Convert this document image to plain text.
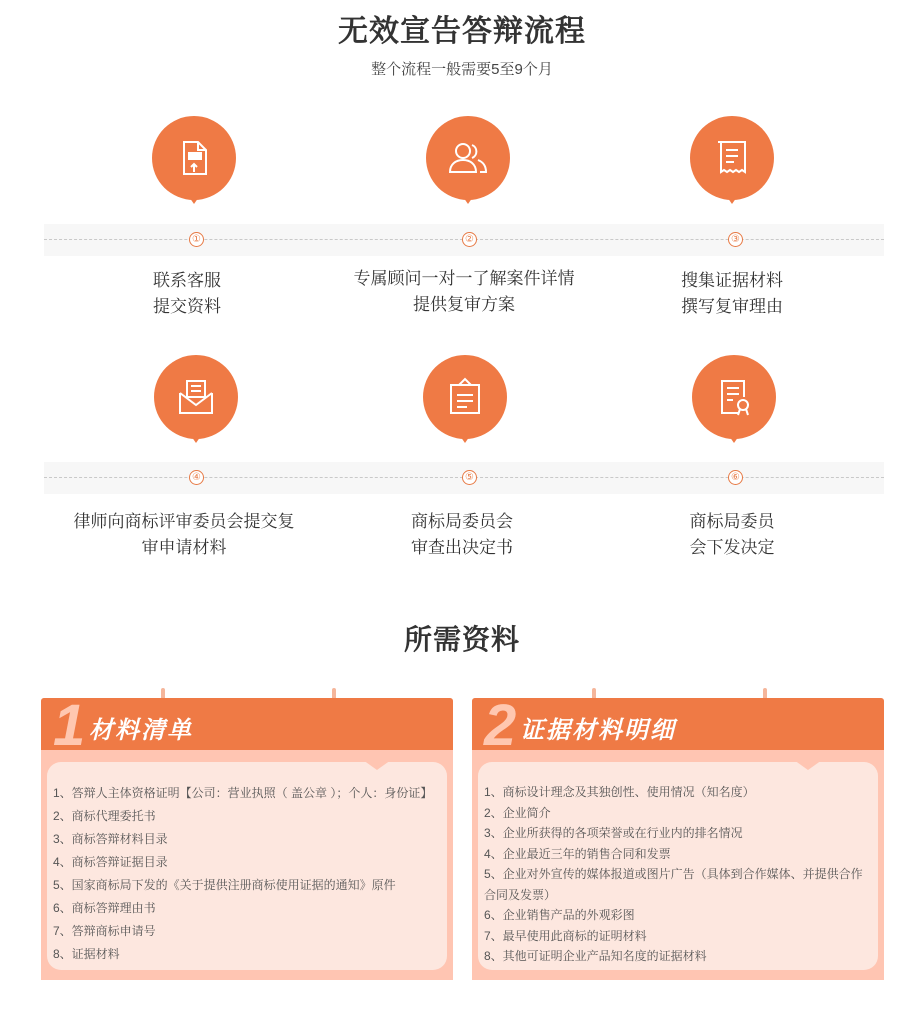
无效宣告答辩流程
整个流程一般需要5至9个月
①	②	③
联系客服
提交资料
专属顾问一对一了解案件详情
提供复审方案
搜集证据材料
撰写复审理由
④	⑤	⑥
律师向商标评审委员会提交复
审申请材料
商标局委员会
审查出决定书
商标局委员
会下发决定
所需资料
1 材料清单
1、答辩人主体资格证明【公司：营业执照（ 盖公章 ）；个人：身份证】
2、商标代理委托书
3、商标答辩材料目录
4、商标答辩证据目录
5、国家商标局下发的《关于提供注册商标使用证据的通知》原件
6、商标答辩理由书
7、答辩商标申请号
8、证据材料
2 证据材料明细
1、商标设计理念及其独创性、使用情况（知名度）
2、企业简介
3、企业所获得的各项荣誉或在行业内的排名情况
4、企业最近三年的销售合同和发票
5、企业对外宣传的媒体报道或图片广告（具体到合作媒体、并提供合作合同及发票）
6、企业销售产品的外观彩图
7、最早使用此商标的证明材料
8、其他可证明企业产品知名度的证据材料
